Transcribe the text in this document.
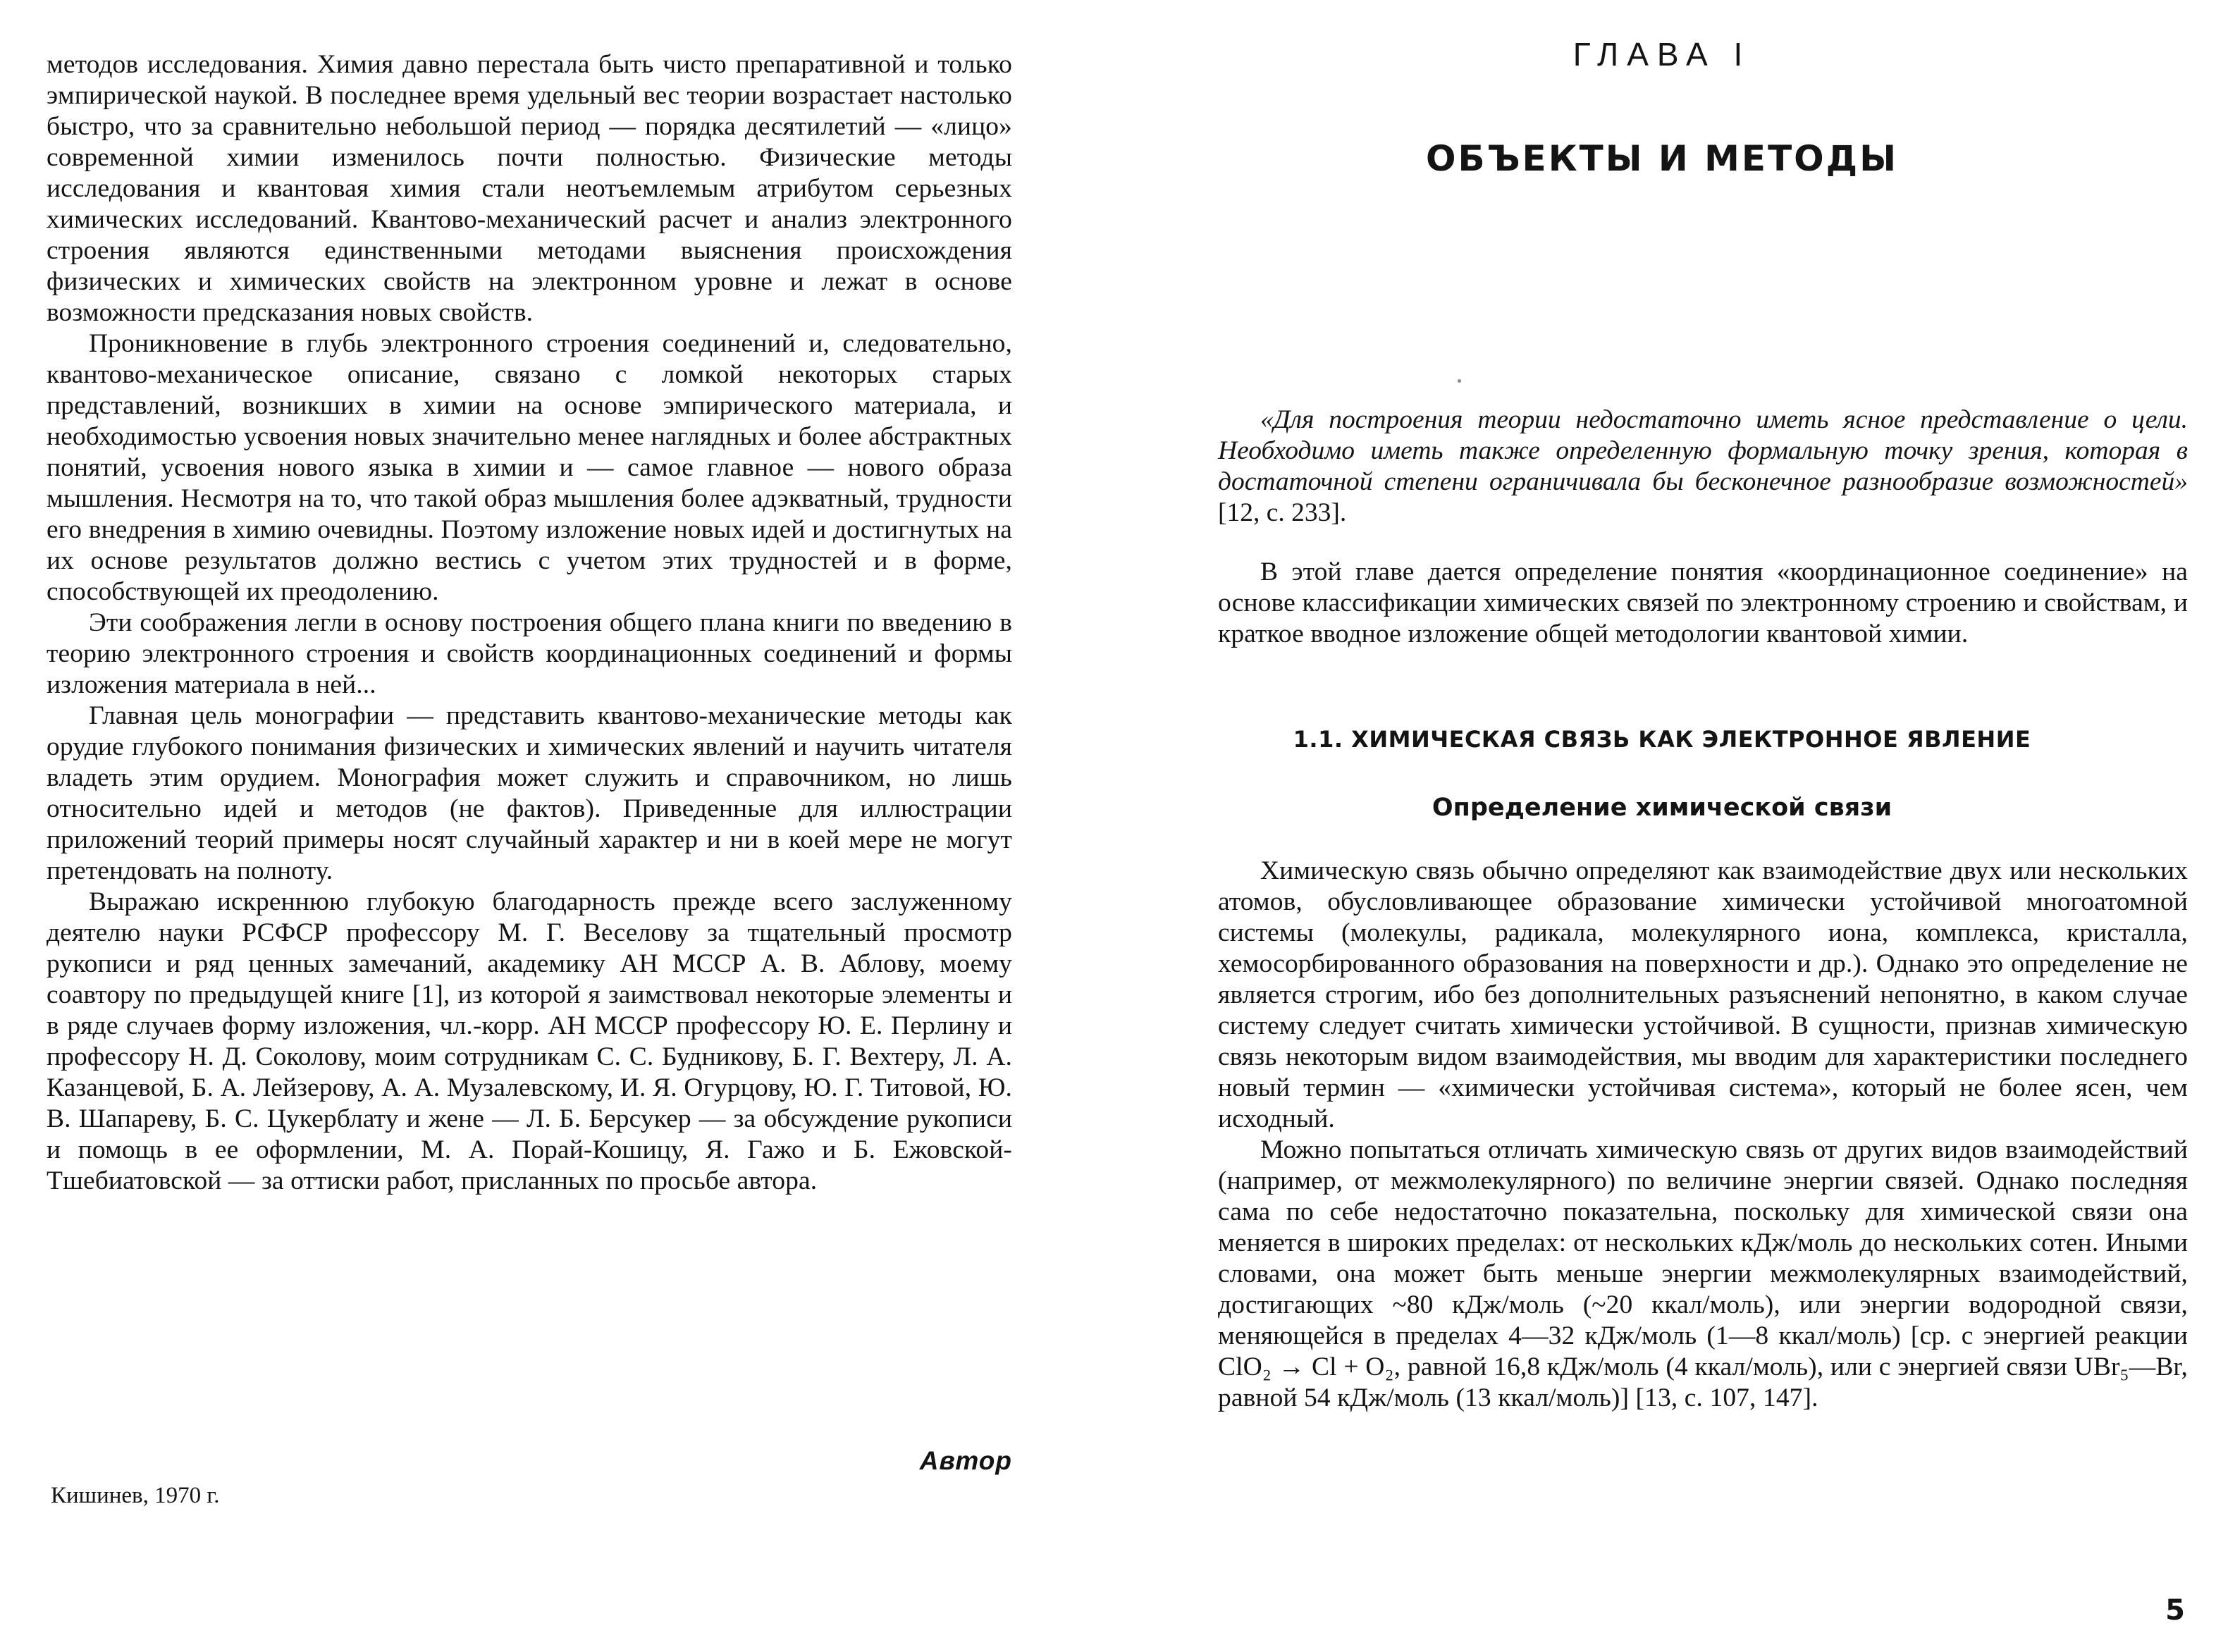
методов исследования. Химия давно перестала быть чисто препаративной и только эмпирической наукой. В последнее время удельный вес теории возрастает настолько быстро, что за сравнительно небольшой период — порядка десятилетий — «лицо» современной химии изменилось почти полностью. Физические методы исследования и квантовая химия стали неотъемлемым атрибутом серьезных химических исследований. Квантово-механический расчет и анализ электронного строения являются единственными методами выяснения происхождения физических и химических свойств на электронном уровне и лежат в основе возможности предсказания новых свойств.

Проникновение в глубь электронного строения соединений и, следовательно, квантово-механическое описание, связано с ломкой некоторых старых представлений, возникших в химии на основе эмпирического материала, и необходимостью усвоения новых значительно менее наглядных и более абстрактных понятий, усвоения нового языка в химии и — самое главное — нового образа мышления. Несмотря на то, что такой образ мышления более адэкватный, трудности его внедрения в химию очевидны. Поэтому изложение новых идей и достигнутых на их основе результатов должно вестись с учетом этих трудностей и в форме, способствующей их преодолению.

Эти соображения легли в основу построения общего плана книги по введению в теорию электронного строения и свойств координационных соединений и формы изложения материала в ней...

Главная цель монографии — представить квантово-механические методы как орудие глубокого понимания физических и химических явлений и научить читателя владеть этим орудием. Монография может служить и справочником, но лишь относительно идей и методов (не фактов). Приведенные для иллюстрации приложений теорий примеры носят случайный характер и ни в коей мере не могут претендовать на полноту.

Выражаю искреннюю глубокую благодарность прежде всего заслуженному деятелю науки РСФСР профессору М. Г. Веселову за тщательный просмотр рукописи и ряд ценных замечаний, академику АН МССР А. В. Аблову, моему соавтору по предыдущей книге [1], из которой я заимствовал некоторые элементы и в ряде случаев форму изложения, чл.-корр. АН МССР профессору Ю. Е. Перлину и профессору Н. Д. Соколову, моим сотрудникам С. С. Будникову, Б. Г. Вехтеру, Л. А. Казанцевой, Б. А. Лейзерову, А. А. Музалевскому, И. Я. Огурцову, Ю. Г. Титовой, Ю. В. Шапареву, Б. С. Цукерблату и жене — Л. Б. Берсукер — за обсуждение рукописи и помощь в ее оформлении, М. А. Порай-Кошицу, Я. Гажо и Б. Ежовской-Тшебиатовской — за оттиски работ, присланных по просьбе автора.

Автор
Кишинев, 1970 г.
ГЛАВА I
ОБЪЕКТЫ И МЕТОДЫ

«Для построения теории недостаточно иметь ясное представление о цели. Необходимо иметь также определенную формальную точку зрения, которая в достаточной степени ограничивала бы бесконечное разнообразие возможностей» [12, с. 233].

В этой главе дается определение понятия «координационное соединение» на основе классификации химических связей по электронному строению и свойствам, и краткое вводное изложение общей методологии квантовой химии.

1.1. ХИМИЧЕСКАЯ СВЯЗЬ КАК ЭЛЕКТРОННОЕ ЯВЛЕНИЕ
Определение химической связи

Химическую связь обычно определяют как взаимодействие двух или нескольких атомов, обусловливающее образование химически устойчивой многоатомной системы (молекулы, радикала, молекулярного иона, комплекса, кристалла, хемосорбированного образования на поверхности и др.). Однако это определение не является строгим, ибо без дополнительных разъяснений непонятно, в каком случае систему следует считать химически устойчивой. В сущности, признав химическую связь некоторым видом взаимодействия, мы вводим для характеристики последнего новый термин — «химически устойчивая система», который не более ясен, чем исходный.

Можно попытаться отличать химическую связь от других видов взаимодействий (например, от межмолекулярного) по величине энергии связей. Однако последняя сама по себе недостаточно показательна, поскольку для химической связи она меняется в широких пределах: от нескольких кДж/моль до нескольких сотен. Иными словами, она может быть меньше энергии межмолекулярных взаимодействий, достигающих ~80 кДж/моль (~20 ккал/моль), или энергии водородной связи, меняющейся в пределах 4—32 кДж/моль (1—8 ккал/моль) [ср. с энергией реакции ClO₂ → Cl + O₂, равной 16,8 кДж/моль (4 ккал/моль), или с энергией связи UBr₅—Br, равной 54 кДж/моль (13 ккал/моль)] [13, с. 107, 147].

5
